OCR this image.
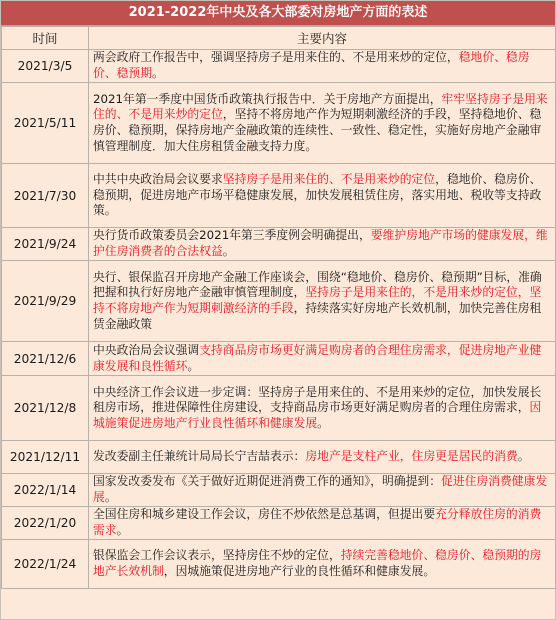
2021-2022年中央及各大部委对房地产方面的表述
时间	主要内容
2021/3/5	两会政府工作报告中，强调坚持房子是用来住的、不是用来炒的定位，稳地价、稳房价、稳预期。
2021/5/11	2021年第一季度中国货币政策执行报告中．关于房地产方面提出，牢牢坚持房子是用来住的、不是用来炒的定位，坚持不将房地产作为短期刺激经济的手段，坚持稳地价、稳房价、稳预期，保持房地产金融政策的连续性、一致性、稳定性，实施好房地产金融审慎管理制度．加大住房租赁金融支持力度。
2021/7/30	中共中央政治局会议要求坚持房子是用来住的、不是用来炒的定位，稳地价、稳房价、稳预期，促进房地产市场平稳健康发展，加快发展租赁住房，落实用地、税收等支持政策。
2021/9/24	央行货币政策委员会2021年第三季度例会明确提出，要维护房地产市场的健康发展，维护住房消费者的合法权益。
2021/9/29	央行、银保监召开房地产金融工作座谈会，围绕“稳地价、稳房价、稳预期”目标，准确把握和执行好房地产金融审慎管理制度，坚持房子是用来住的，不是用来炒的定位，坚持不将房地产作为短期刺激经济的手段，持续落实好房地产长效机制，加快完善住房租赁金融政策
2021/12/6	中央政治局会议强调支持商品房市场更好满足购房者的合理住房需求，促进房地产业健康发展和良性循环。
2021/12/8	中央经济工作会议进一步定调：坚持房子是用来住的、不是用来炒的定位，加快发展长租房市场，推进保障性住房建设，支持商品房市场更好满足购房者的合理住房需求，因城施策促进房地产行业良性循环和健康发展。
2021/12/11	发改委副主任兼统计局局长宁吉喆表示：房地产是支柱产业，住房更是居民的消费。
2022/1/14	国家发改委发布《关于做好近期促进消费工作的通知》，明确提到：促进住房消费健康发展。
2022/1/20	全国住房和城乡建设工作会议，房住不炒依然是总基调，但提出要充分释放住房的消费需求。
2022/1/24	银保监会工作会议表示，坚持房住不炒的定位，持续完善稳地价、稳房价、稳预期的房地产长效机制，因城施策促进房地产行业的良性循环和健康发展。
